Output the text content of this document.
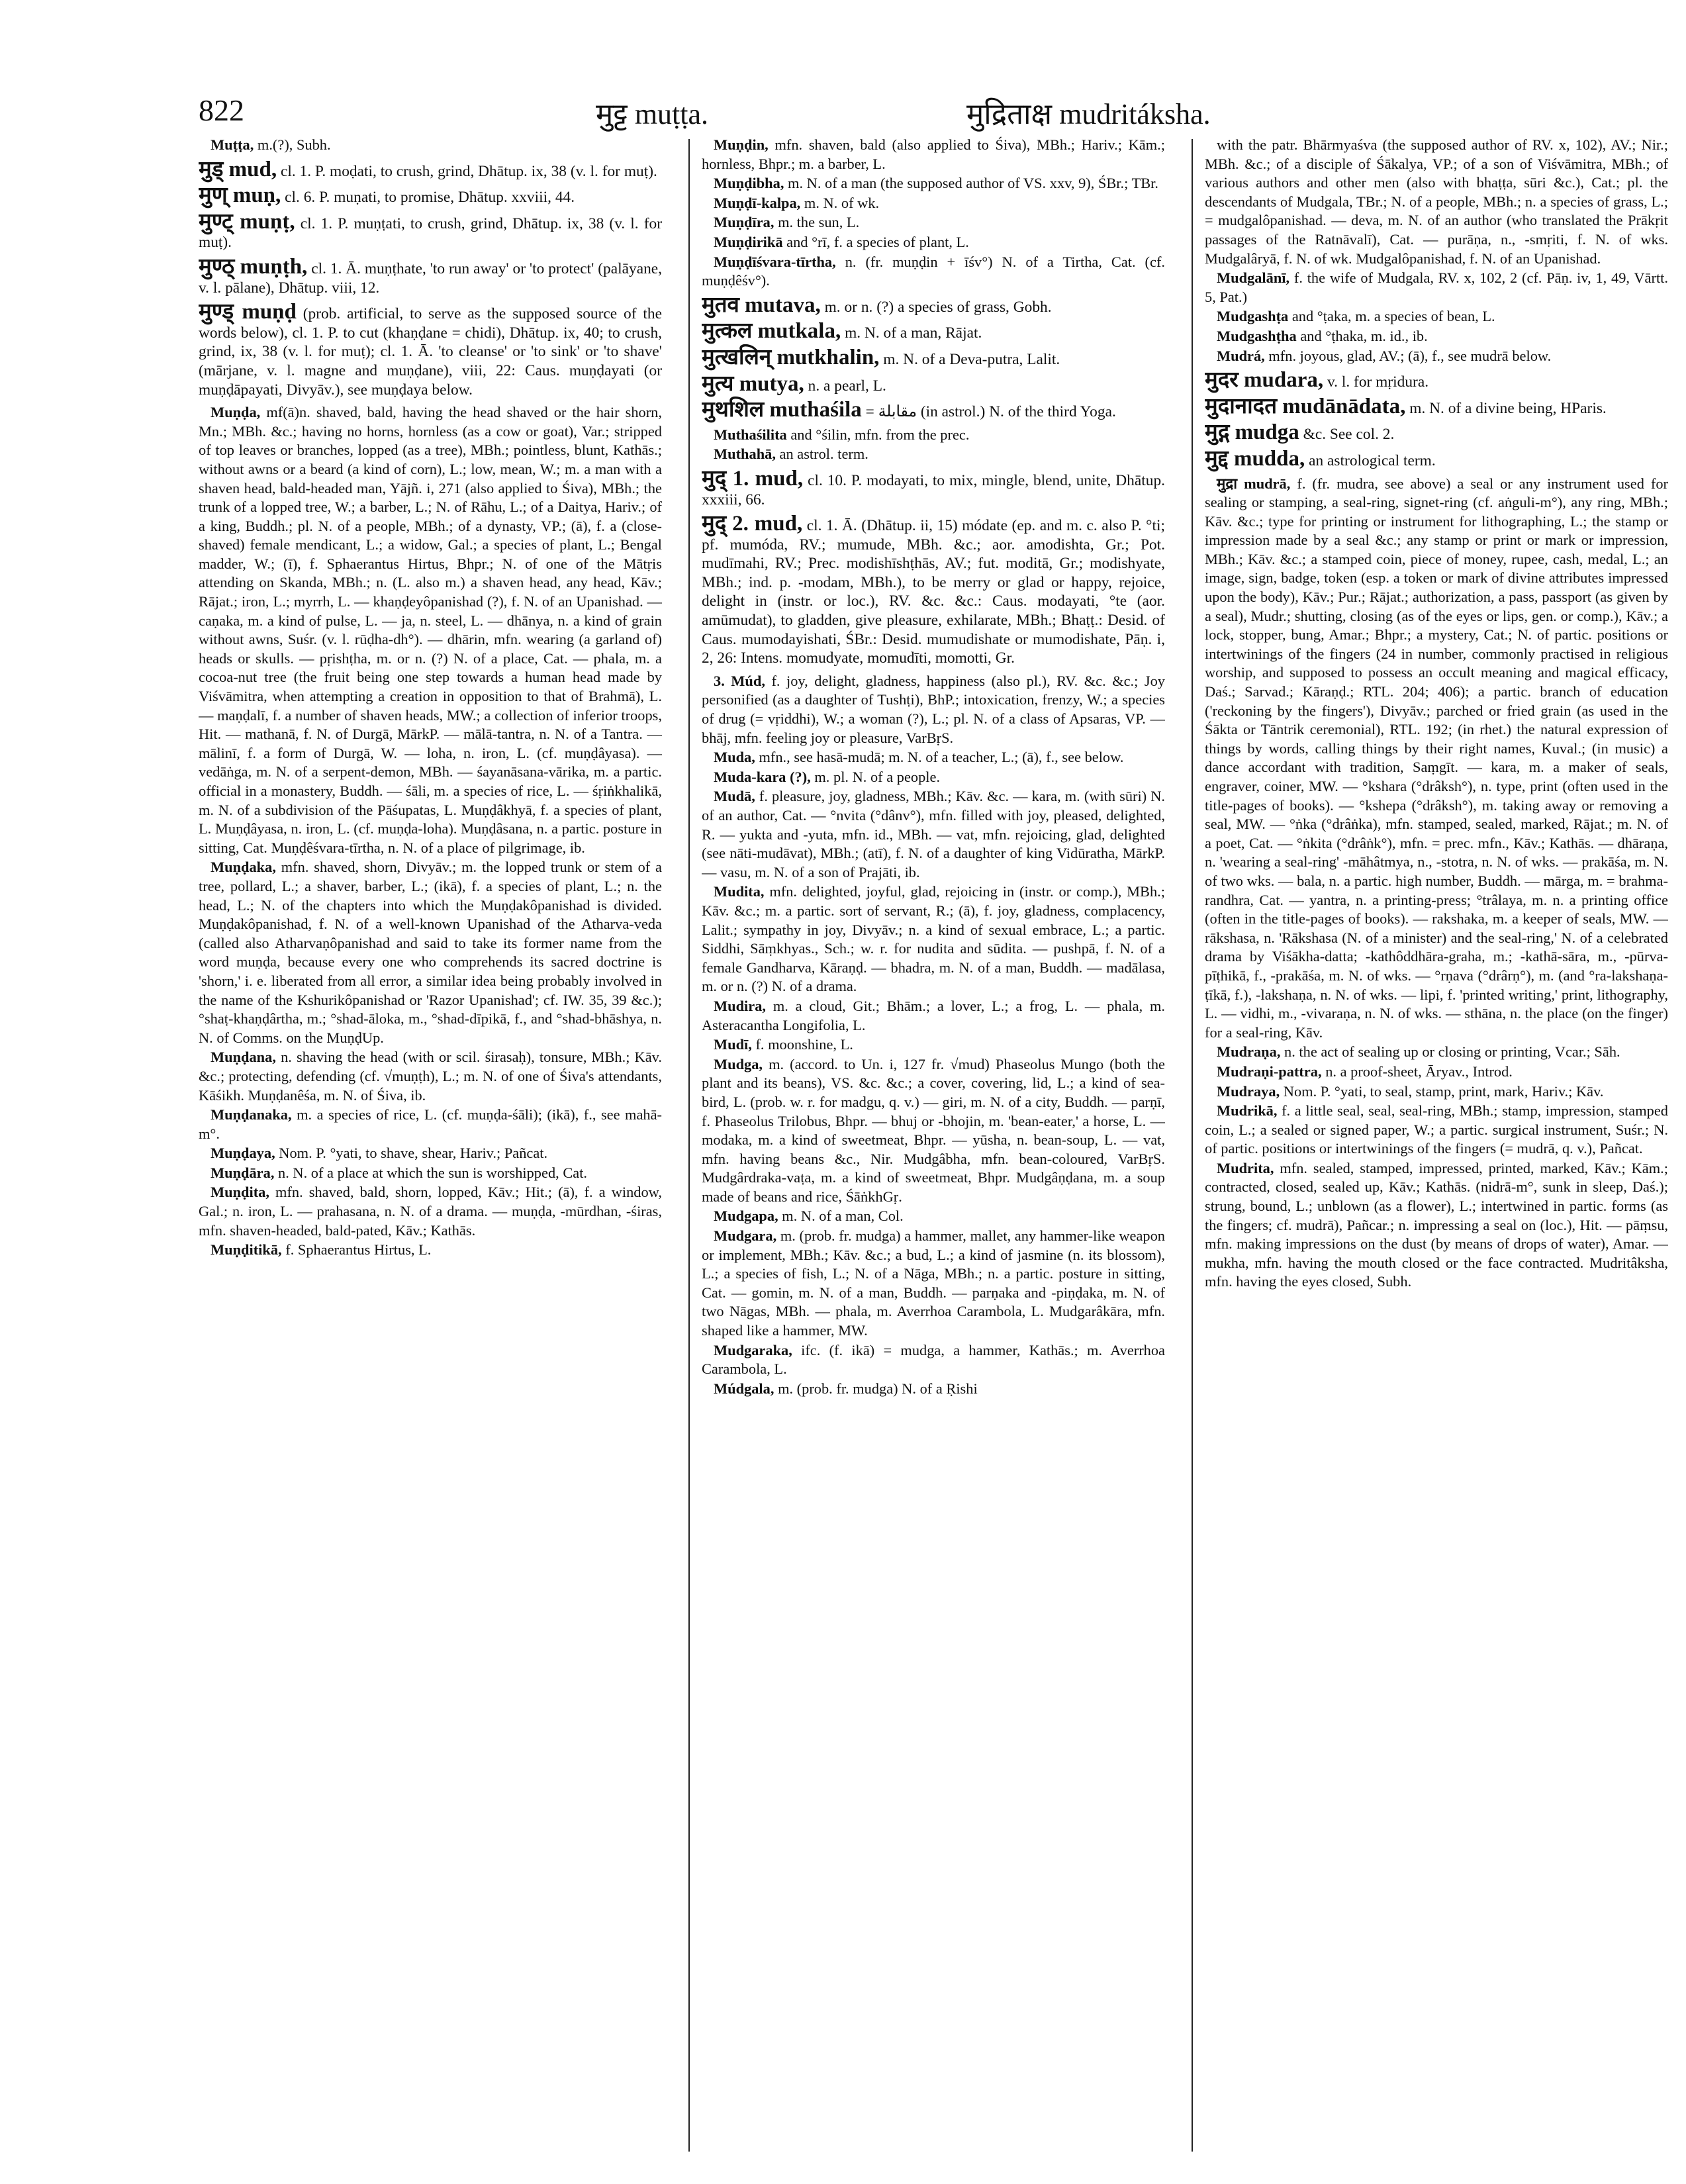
822	मुट्ट muṭṭa.	मुद्रिताक्ष mudritáksha.

Muṭṭa, m.(?), Subh.

मुड् mud, cl. 1. P. moḍati, to crush, grind, Dhātup. ix, 38 (v. l. for muṭ).

मुण् muṇ, cl. 6. P. muṇati, to promise, Dhātup. xxviii, 44.

मुण्ट् muṇṭ, cl. 1. P. muṇṭati, to crush, grind, Dhātup. ix, 38 (v. l. for muṭ).

मुण्ठ् muṇṭh, cl. 1. Ā. muṇṭhate, 'to run away' or 'to protect' (palāyane, v. l. pālane), Dhātup. viii, 12.

मुण्ड् muṇḍ (prob. artificial, to serve as the supposed source of the words below), cl. 1. P. to cut (khaṇḍane = chidi), Dhātup. ix, 40; to crush, grind, ix, 38 (v. l. for muṭ); cl. 1. Ā. 'to cleanse' or 'to sink' or 'to shave' (mārjane, v. l. magne and muṇḍane), viii, 22: Caus. muṇḍayati (or muṇḍāpayati, Divyāv.), see muṇḍaya below.

Muṇḍa, mf(ā)n. shaved, bald, having the head shaved or the hair shorn, Mn.; MBh. &c.; having no horns, hornless (as a cow or goat), Var.; stripped of top leaves or branches, lopped (as a tree), MBh.; pointless, blunt, Kathās.; without awns or a beard (a kind of corn), L.; low, mean, W.; m. a man with a shaven head, bald-headed man, Yājñ. i, 271 (also applied to Śiva), MBh.; the trunk of a lopped tree, W.; a barber, L.; N. of Rāhu, L.; of a Daitya, Hariv.; of a king, Buddh.; pl. N. of a people, MBh.; of a dynasty, VP.; (ā), f. a (close-shaved) female mendicant, L.; a widow, Gal.; a species of plant, L.; Bengal madder, W.; (ī), f. Sphaerantus Hirtus, Bhpr.; N. of one of the Mātṛis attending on Skanda, MBh.; n. (L. also m.) a shaven head, any head, Kāv.; Rājat.; iron, L.; myrrh, L. — khaṇḍeyôpanishad (?), f. N. of an Upanishad. — caṇaka, m. a kind of pulse, L. — ja, n. steel, L. — dhānya, n. a kind of grain without awns, Suśr. (v. l. rūḍha-dh°). — dhārin, mfn. wearing (a garland of) heads or skulls. — pṛishṭha, m. or n. (?) N. of a place, Cat. — phala, m. a cocoa-nut tree (the fruit being one step towards a human head made by Viśvāmitra, when attempting a creation in opposition to that of Brahmā), L. — maṇḍalī, f. a number of shaven heads, MW.; a collection of inferior troops, Hit. — mathanā, f. N. of Durgā, MārkP. — mālā-tantra, n. N. of a Tantra. — mālinī, f. a form of Durgā, W. — loha, n. iron, L. (cf. muṇḍâyasa). — vedāṅga, m. N. of a serpent-demon, MBh. — śayanāsana-vārika, m. a partic. official in a monastery, Buddh. — śāli, m. a species of rice, L. — śṛiṅkhalikā, m. N. of a subdivision of the Pāśupatas, L. Muṇḍâkhyā, f. a species of plant, L. Muṇḍâyasa, n. iron, L. (cf. muṇḍa-loha). Muṇḍâsana, n. a partic. posture in sitting, Cat. Muṇḍêśvara-tīrtha, n. N. of a place of pilgrimage, ib.

Muṇḍaka, mfn. shaved, shorn, Divyāv.; m. the lopped trunk or stem of a tree, pollard, L.; a shaver, barber, L.; (ikā), f. a species of plant, L.; n. the head, L.; N. of the chapters into which the Muṇḍakôpanishad is divided. Muṇḍakôpanishad, f. N. of a well-known Upanishad of the Atharva-veda (called also Atharvaṇôpanishad and said to take its former name from the word muṇḍa, because every one who comprehends its sacred doctrine is 'shorn,' i. e. liberated from all error, a similar idea being probably involved in the name of the Kshurikôpanishad or 'Razor Upanishad'; cf. IW. 35, 39 &c.); °shaṭ-khaṇḍârtha, m.; °shad-āloka, m., °shad-dīpikā, f., and °shad-bhāshya, n. N. of Comms. on the MuṇḍUp.

Muṇḍana, n. shaving the head (with or scil. śirasaḥ), tonsure, MBh.; Kāv. &c.; protecting, defending (cf. √muṇṭh), L.; m. N. of one of Śiva's attendants, Kāśikh. Muṇḍanêśa, m. N. of Śiva, ib.

Muṇḍanaka, m. a species of rice, L. (cf. muṇḍa-śāli); (ikā), f., see mahā-m°.

Muṇḍaya, Nom. P. °yati, to shave, shear, Hariv.; Pañcat.

Muṇḍāra, n. N. of a place at which the sun is worshipped, Cat.

Muṇḍita, mfn. shaved, bald, shorn, lopped, Kāv.; Hit.; (ā), f. a window, Gal.; n. iron, L. — prahasana, n. N. of a drama. — muṇḍa, -mūrdhan, -śiras, mfn. shaven-headed, bald-pated, Kāv.; Kathās.

Muṇḍitikā, f. Sphaerantus Hirtus, L.

Muṇḍin, mfn. shaven, bald (also applied to Śiva), MBh.; Hariv.; Kām.; hornless, Bhpr.; m. a barber, L.

Muṇḍibha, m. N. of a man (the supposed author of VS. xxv, 9), ŚBr.; TBr.

Muṇḍī-kalpa, m. N. of wk.

Muṇḍīra, m. the sun, L.

Muṇḍirikā and °rī, f. a species of plant, L.

Muṇḍīśvara-tīrtha, n. (fr. muṇḍin + īśv°) N. of a Tirtha, Cat. (cf. muṇḍêśv°).

मुतव mutava, m. or n. (?) a species of grass, Gobh.

मुत्कल mutkala, m. N. of a man, Rājat.

मुत्खलिन् mutkhalin, m. N. of a Deva-putra, Lalit.

मुत्य mutya, n. a pearl, L.

मुथशिल muthaśila = مقابلة (in astrol.) N. of the third Yoga.

Muthaśilita and °śilin, mfn. from the prec.

Muthahā, an astrol. term.

मुद् 1. mud, cl. 10. P. modayati, to mix, mingle, blend, unite, Dhātup. xxxiii, 66.

मुद् 2. mud, cl. 1. Ā. (Dhātup. ii, 15) módate (ep. and m. c. also P. °ti; pf. mumóda, RV.; mumude, MBh. &c.; aor. amodishta, Gr.; Pot. mudīmahi, RV.; Prec. modishīshṭhās, AV.; fut. moditā, Gr.; modishyate, MBh.; ind. p. -modam, MBh.), to be merry or glad or happy, rejoice, delight in (instr. or loc.), RV. &c. &c.: Caus. modayati, °te (aor. amūmudat), to gladden, give pleasure, exhilarate, MBh.; Bhaṭṭ.: Desid. of Caus. mumodayishati, ŚBr.: Desid. mumudishate or mumodishate, Pāṇ. i, 2, 26: Intens. momudyate, momudīti, momotti, Gr.

3. Múd, f. joy, delight, gladness, happiness (also pl.), RV. &c. &c.; Joy personified (as a daughter of Tushṭi), BhP.; intoxication, frenzy, W.; a species of drug (= vṛiddhi), W.; a woman (?), L.; pl. N. of a class of Apsaras, VP. — bhāj, mfn. feeling joy or pleasure, VarBṛS.

Muda, mfn., see hasā-mudā; m. N. of a teacher, L.; (ā), f., see below.

Muda-kara (?), m. pl. N. of a people.

Mudā, f. pleasure, joy, gladness, MBh.; Kāv. &c. — kara, m. (with sūri) N. of an author, Cat. — °nvita (°dânv°), mfn. filled with joy, pleased, delighted, R. — yukta and -yuta, mfn. id., MBh. — vat, mfn. rejoicing, glad, delighted (see nāti-mudāvat), MBh.; (atī), f. N. of a daughter of king Vidūratha, MārkP. — vasu, m. N. of a son of Prajāti, ib.

Mudita, mfn. delighted, joyful, glad, rejoicing in (instr. or comp.), MBh.; Kāv. &c.; m. a partic. sort of servant, R.; (ā), f. joy, gladness, complacency, Lalit.; sympathy in joy, Divyāv.; n. a kind of sexual embrace, L.; a partic. Siddhi, Sāṃkhyas., Sch.; w. r. for nudita and sūdita. — pushpā, f. N. of a female Gandharva, Kāraṇḍ. — bhadra, m. N. of a man, Buddh. — madālasa, m. or n. (?) N. of a drama.

Mudira, m. a cloud, Git.; Bhām.; a lover, L.; a frog, L. — phala, m. Asteracantha Longifolia, L.

Mudī, f. moonshine, L.

Mudga, m. (accord. to Un. i, 127 fr. √mud) Phaseolus Mungo (both the plant and its beans), VS. &c. &c.; a cover, covering, lid, L.; a kind of sea-bird, L. (prob. w. r. for madgu, q. v.) — giri, m. N. of a city, Buddh. — parṇī, f. Phaseolus Trilobus, Bhpr. — bhuj or -bhojin, m. 'bean-eater,' a horse, L. — modaka, m. a kind of sweetmeat, Bhpr. — yūsha, n. bean-soup, L. — vat, mfn. having beans &c., Nir. Mudgâbha, mfn. bean-coloured, VarBṛS. Mudgârdraka-vaṭa, m. a kind of sweetmeat, Bhpr. Mudgâṇḍana, m. a soup made of beans and rice, ŚāṅkhGṛ.

Mudgapa, m. N. of a man, Col.

Mudgara, m. (prob. fr. mudga) a hammer, mallet, any hammer-like weapon or implement, MBh.; Kāv. &c.; a bud, L.; a kind of jasmine (n. its blossom), L.; a species of fish, L.; N. of a Nāga, MBh.; n. a partic. posture in sitting, Cat. — gomin, m. N. of a man, Buddh. — parṇaka and -piṇḍaka, m. N. of two Nāgas, MBh. — phala, m. Averrhoa Carambola, L. Mudgarâkāra, mfn. shaped like a hammer, MW.

Mudgaraka, ifc. (f. ikā) = mudga, a hammer, Kathās.; m. Averrhoa Carambola, L.

Múdgala, m. (prob. fr. mudga) N. of a Ṛishi

with the patr. Bhārmyaśva (the supposed author of RV. x, 102), AV.; Nir.; MBh. &c.; of a disciple of Śākalya, VP.; of a son of Viśvāmitra, MBh.; of various authors and other men (also with bhaṭṭa, sūri &c.), Cat.; pl. the descendants of Mudgala, TBr.; N. of a people, MBh.; n. a species of grass, L.; = mudgalôpanishad. — deva, m. N. of an author (who translated the Prākṛit passages of the Ratnāvalī), Cat. — purāṇa, n., -smṛiti, f. N. of wks. Mudgalâryā, f. N. of wk. Mudgalôpanishad, f. N. of an Upanishad.

Mudgalānī, f. the wife of Mudgala, RV. x, 102, 2 (cf. Pāṇ. iv, 1, 49, Vārtt. 5, Pat.)

Mudgashṭa and °ṭaka, m. a species of bean, L.

Mudgashṭha and °ṭhaka, m. id., ib.

Mudrá, mfn. joyous, glad, AV.; (ā), f., see mudrā below.

मुदर mudara, v. l. for mṛidura.

मुदानादत mudānādata, m. N. of a divine being, HParis.

मुद्ग mudga &c. See col. 2.

मुद्द mudda, an astrological term.

मुद्रा mudrā, f. (fr. mudra, see above) a seal or any instrument used for sealing or stamping, a seal-ring, signet-ring (cf. aṅguli-m°), any ring, MBh.; Kāv. &c.; type for printing or instrument for lithographing, L.; the stamp or impression made by a seal &c.; any stamp or print or mark or impression, MBh.; Kāv. &c.; a stamped coin, piece of money, rupee, cash, medal, L.; an image, sign, badge, token (esp. a token or mark of divine attributes impressed upon the body), Kāv.; Pur.; Rājat.; authorization, a pass, passport (as given by a seal), Mudr.; shutting, closing (as of the eyes or lips, gen. or comp.), Kāv.; a lock, stopper, bung, Amar.; Bhpr.; a mystery, Cat.; N. of partic. positions or intertwinings of the fingers (24 in number, commonly practised in religious worship, and supposed to possess an occult meaning and magical efficacy, Daś.; Sarvad.; Kāraṇḍ.; RTL. 204; 406); a partic. branch of education ('reckoning by the fingers'), Divyāv.; parched or fried grain (as used in the Śākta or Tāntrik ceremonial), RTL. 192; (in rhet.) the natural expression of things by words, calling things by their right names, Kuval.; (in music) a dance accordant with tradition, Saṃgīt. — kara, m. a maker of seals, engraver, coiner, MW. — °kshara (°drâksh°), n. type, print (often used in the title-pages of books). — °kshepa (°drâksh°), m. taking away or removing a seal, MW. — °ṅka (°drâṅka), mfn. stamped, sealed, marked, Rājat.; m. N. of a poet, Cat. — °ṅkita (°drâṅk°), mfn. = prec. mfn., Kāv.; Kathās. — dhāraṇa, n. 'wearing a seal-ring' -māhâtmya, n., -stotra, n. N. of wks. — prakāśa, m. N. of two wks. — bala, n. a partic. high number, Buddh. — mārga, m. = brahma-randhra, Cat. — yantra, n. a printing-press; °trâlaya, m. n. a printing office (often in the title-pages of books). — rakshaka, m. a keeper of seals, MW. — rākshasa, n. 'Rākshasa (N. of a minister) and the seal-ring,' N. of a celebrated drama by Viśākha-datta; -kathôddhāra-graha, m.; -kathā-sāra, m., -pūrva-pīṭhikā, f., -prakāśa, m. N. of wks. — °rṇava (°drârṇ°), m. (and °ra-lakshaṇa-ṭīkā, f.), -lakshaṇa, n. N. of wks. — lipi, f. 'printed writing,' print, lithography, L. — vidhi, m., -vivaraṇa, n. N. of wks. — sthāna, n. the place (on the finger) for a seal-ring, Kāv.

Mudraṇa, n. the act of sealing up or closing or printing, Vcar.; Sāh.

Mudraṇi-pattra, n. a proof-sheet, Āryav., Introd.

Mudraya, Nom. P. °yati, to seal, stamp, print, mark, Hariv.; Kāv.

Mudrikā, f. a little seal, seal, seal-ring, MBh.; stamp, impression, stamped coin, L.; a sealed or signed paper, W.; a partic. surgical instrument, Suśr.; N. of partic. positions or intertwinings of the fingers (= mudrā, q. v.), Pañcat.

Mudrita, mfn. sealed, stamped, impressed, printed, marked, Kāv.; Kām.; contracted, closed, sealed up, Kāv.; Kathās. (nidrā-m°, sunk in sleep, Daś.); strung, bound, L.; unblown (as a flower), L.; intertwined in partic. forms (as the fingers; cf. mudrā), Pañcar.; n. impressing a seal on (loc.), Hit. — pāṃsu, mfn. making impressions on the dust (by means of drops of water), Amar. — mukha, mfn. having the mouth closed or the face contracted. Mudritâksha, mfn. having the eyes closed, Subh.
